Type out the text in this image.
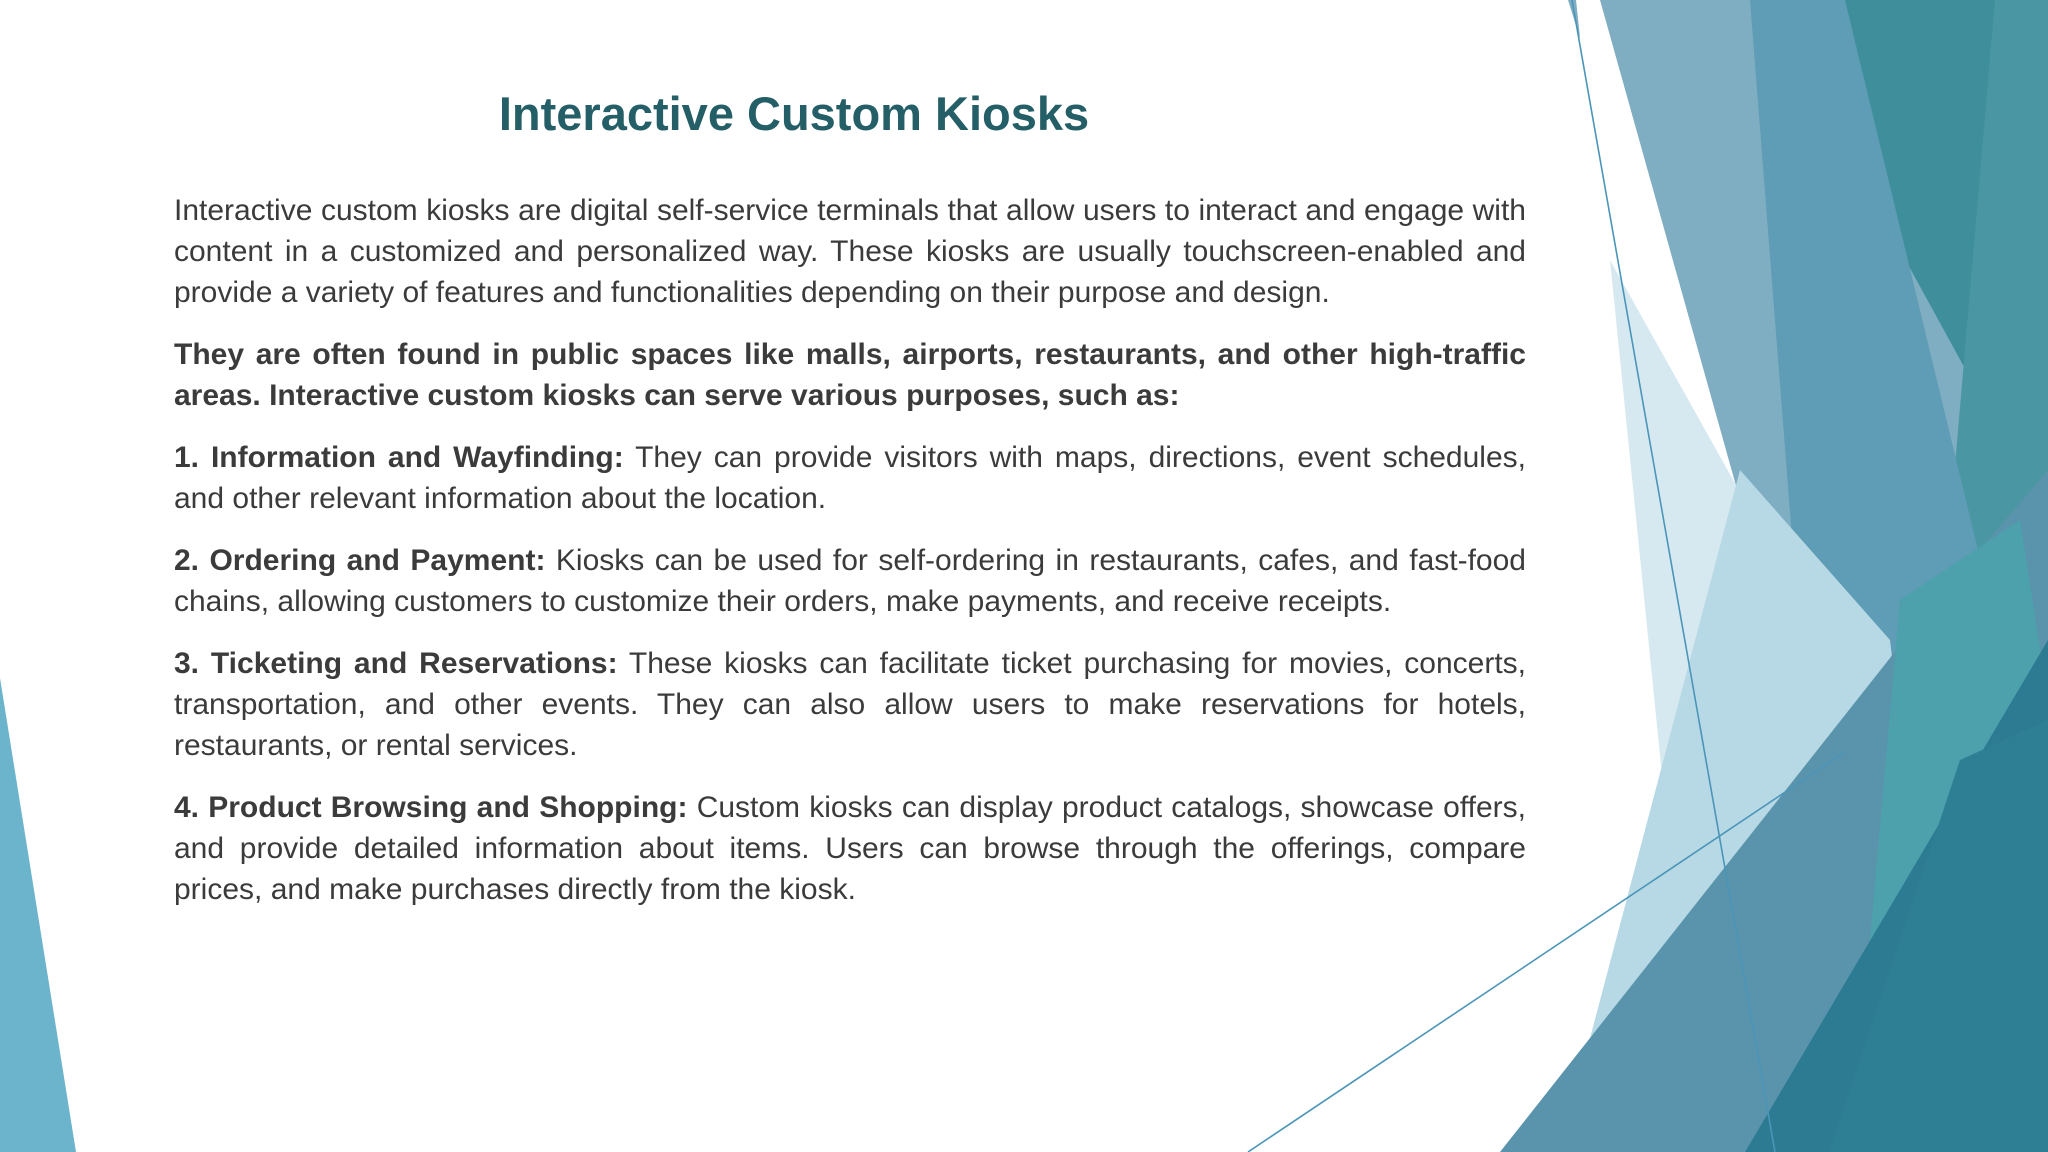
Interactive Custom Kiosks

Interactive custom kiosks are digital self-service terminals that allow users to interact and engage with content in a customized and personalized way. These kiosks are usually touchscreen-enabled and provide a variety of features and functionalities depending on their purpose and design.

They are often found in public spaces like malls, airports, restaurants, and other high-traffic areas. Interactive custom kiosks can serve various purposes, such as:

1. Information and Wayfinding: They can provide visitors with maps, directions, event schedules, and other relevant information about the location.

2. Ordering and Payment: Kiosks can be used for self-ordering in restaurants, cafes, and fast-food chains, allowing customers to customize their orders, make payments, and receive receipts.

3. Ticketing and Reservations: These kiosks can facilitate ticket purchasing for movies, concerts, transportation, and other events. They can also allow users to make reservations for hotels, restaurants, or rental services.

4. Product Browsing and Shopping: Custom kiosks can display product catalogs, showcase offers, and provide detailed information about items. Users can browse through the offerings, compare prices, and make purchases directly from the kiosk.
